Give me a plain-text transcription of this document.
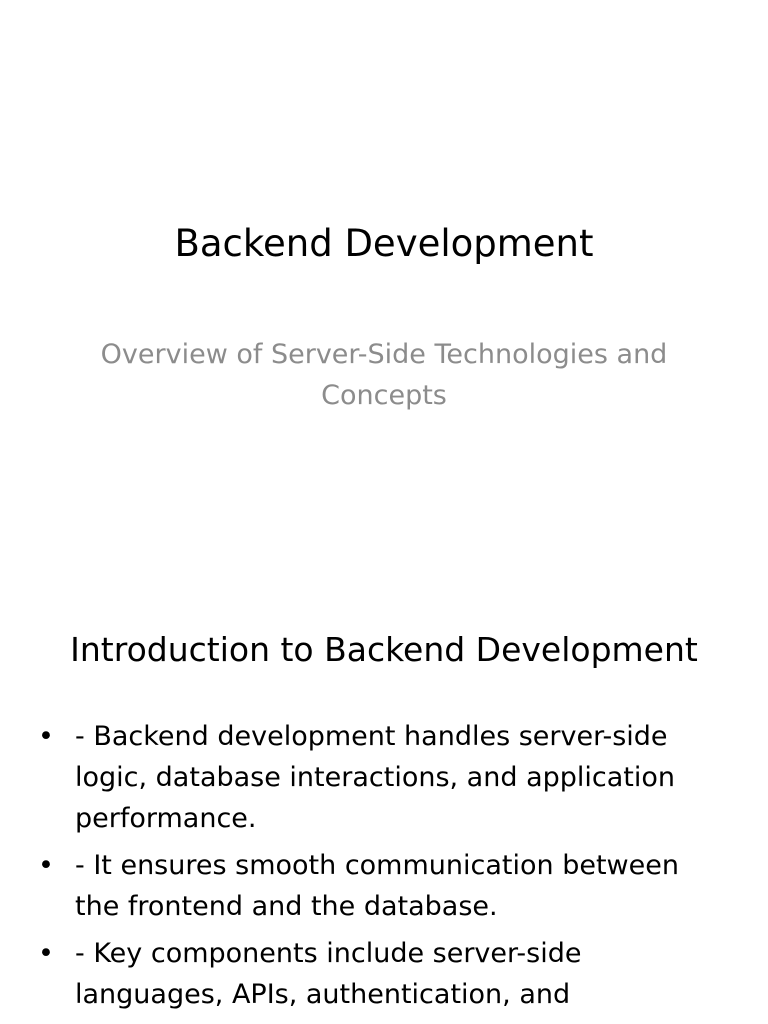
Backend Development

Overview of Server-Side Technologies and Concepts

Introduction to Backend Development
• - Backend development handles server-side logic, database interactions, and application performance.
• - It ensures smooth communication between the frontend and the database.
• - Key components include server-side languages, APIs, authentication, and
